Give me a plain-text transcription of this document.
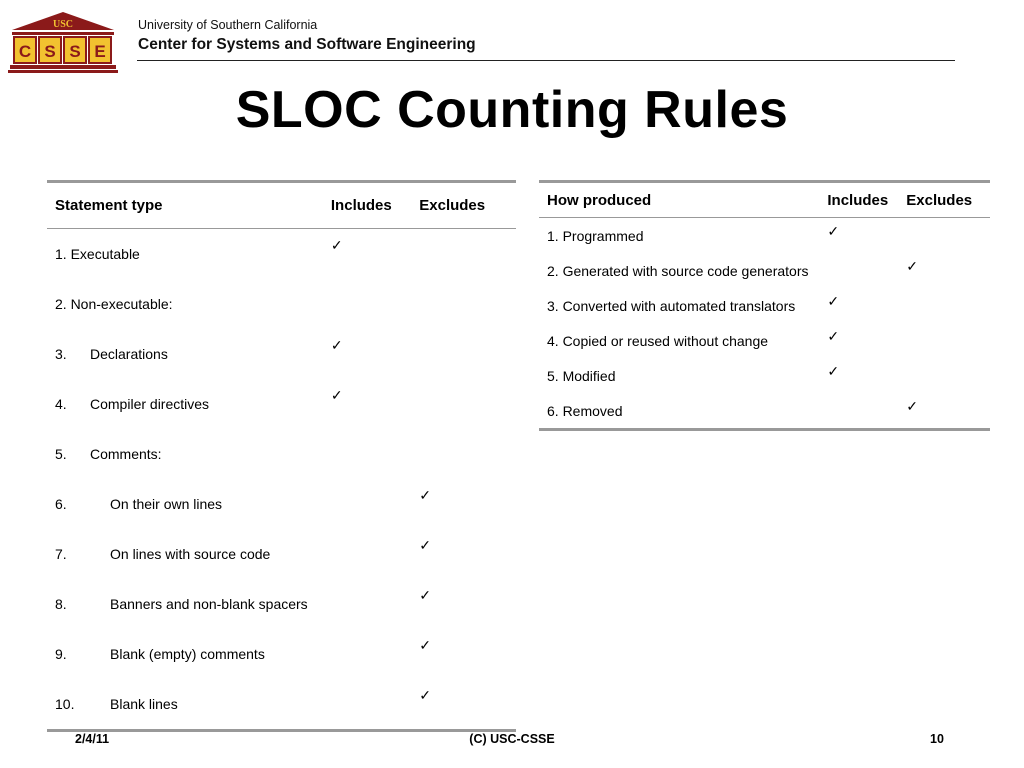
USC
C S S E
University of Southern California
Center for Systems and Software Engineering
SLOC Counting Rules
Statement type	Includes	Excludes
1. Executable	✓	
2. Non-executable:		
3. Declarations	✓	
4. Compiler directives	✓	
5. Comments:		
6. On their own lines		✓
7. On lines with source code		✓
8. Banners and non-blank spacers		✓
9. Blank (empty) comments		✓
10. Blank lines		✓
How produced	Includes	Excludes
1. Programmed	✓	
2. Generated with source code generators		✓
3. Converted with automated translators	✓	
4. Copied or reused without change	✓	
5. Modified	✓	
6. Removed		✓
2/4/11	(C) USC-CSSE	10
